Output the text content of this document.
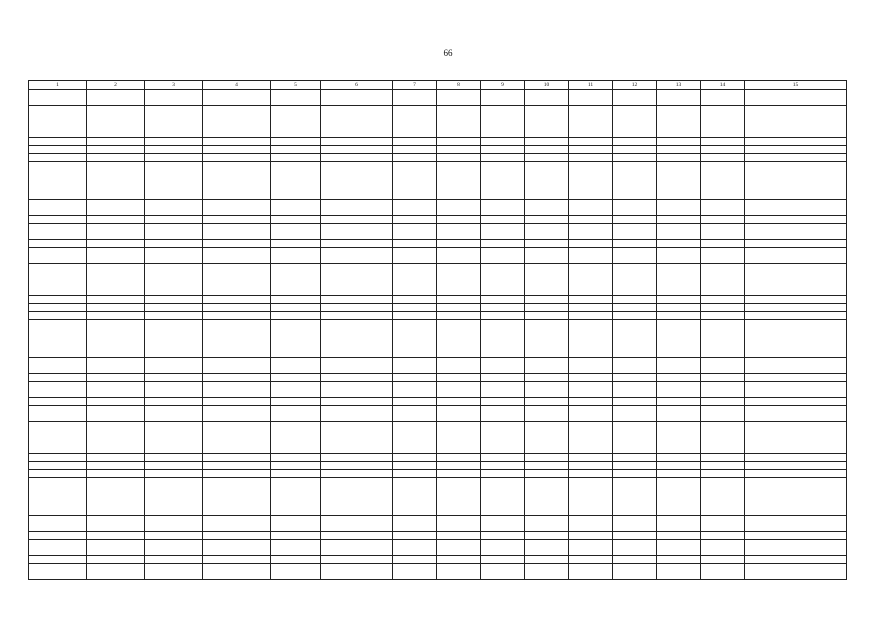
66
1	2	3	4	5	6	7	8	9	10	11	12	13	14	15
